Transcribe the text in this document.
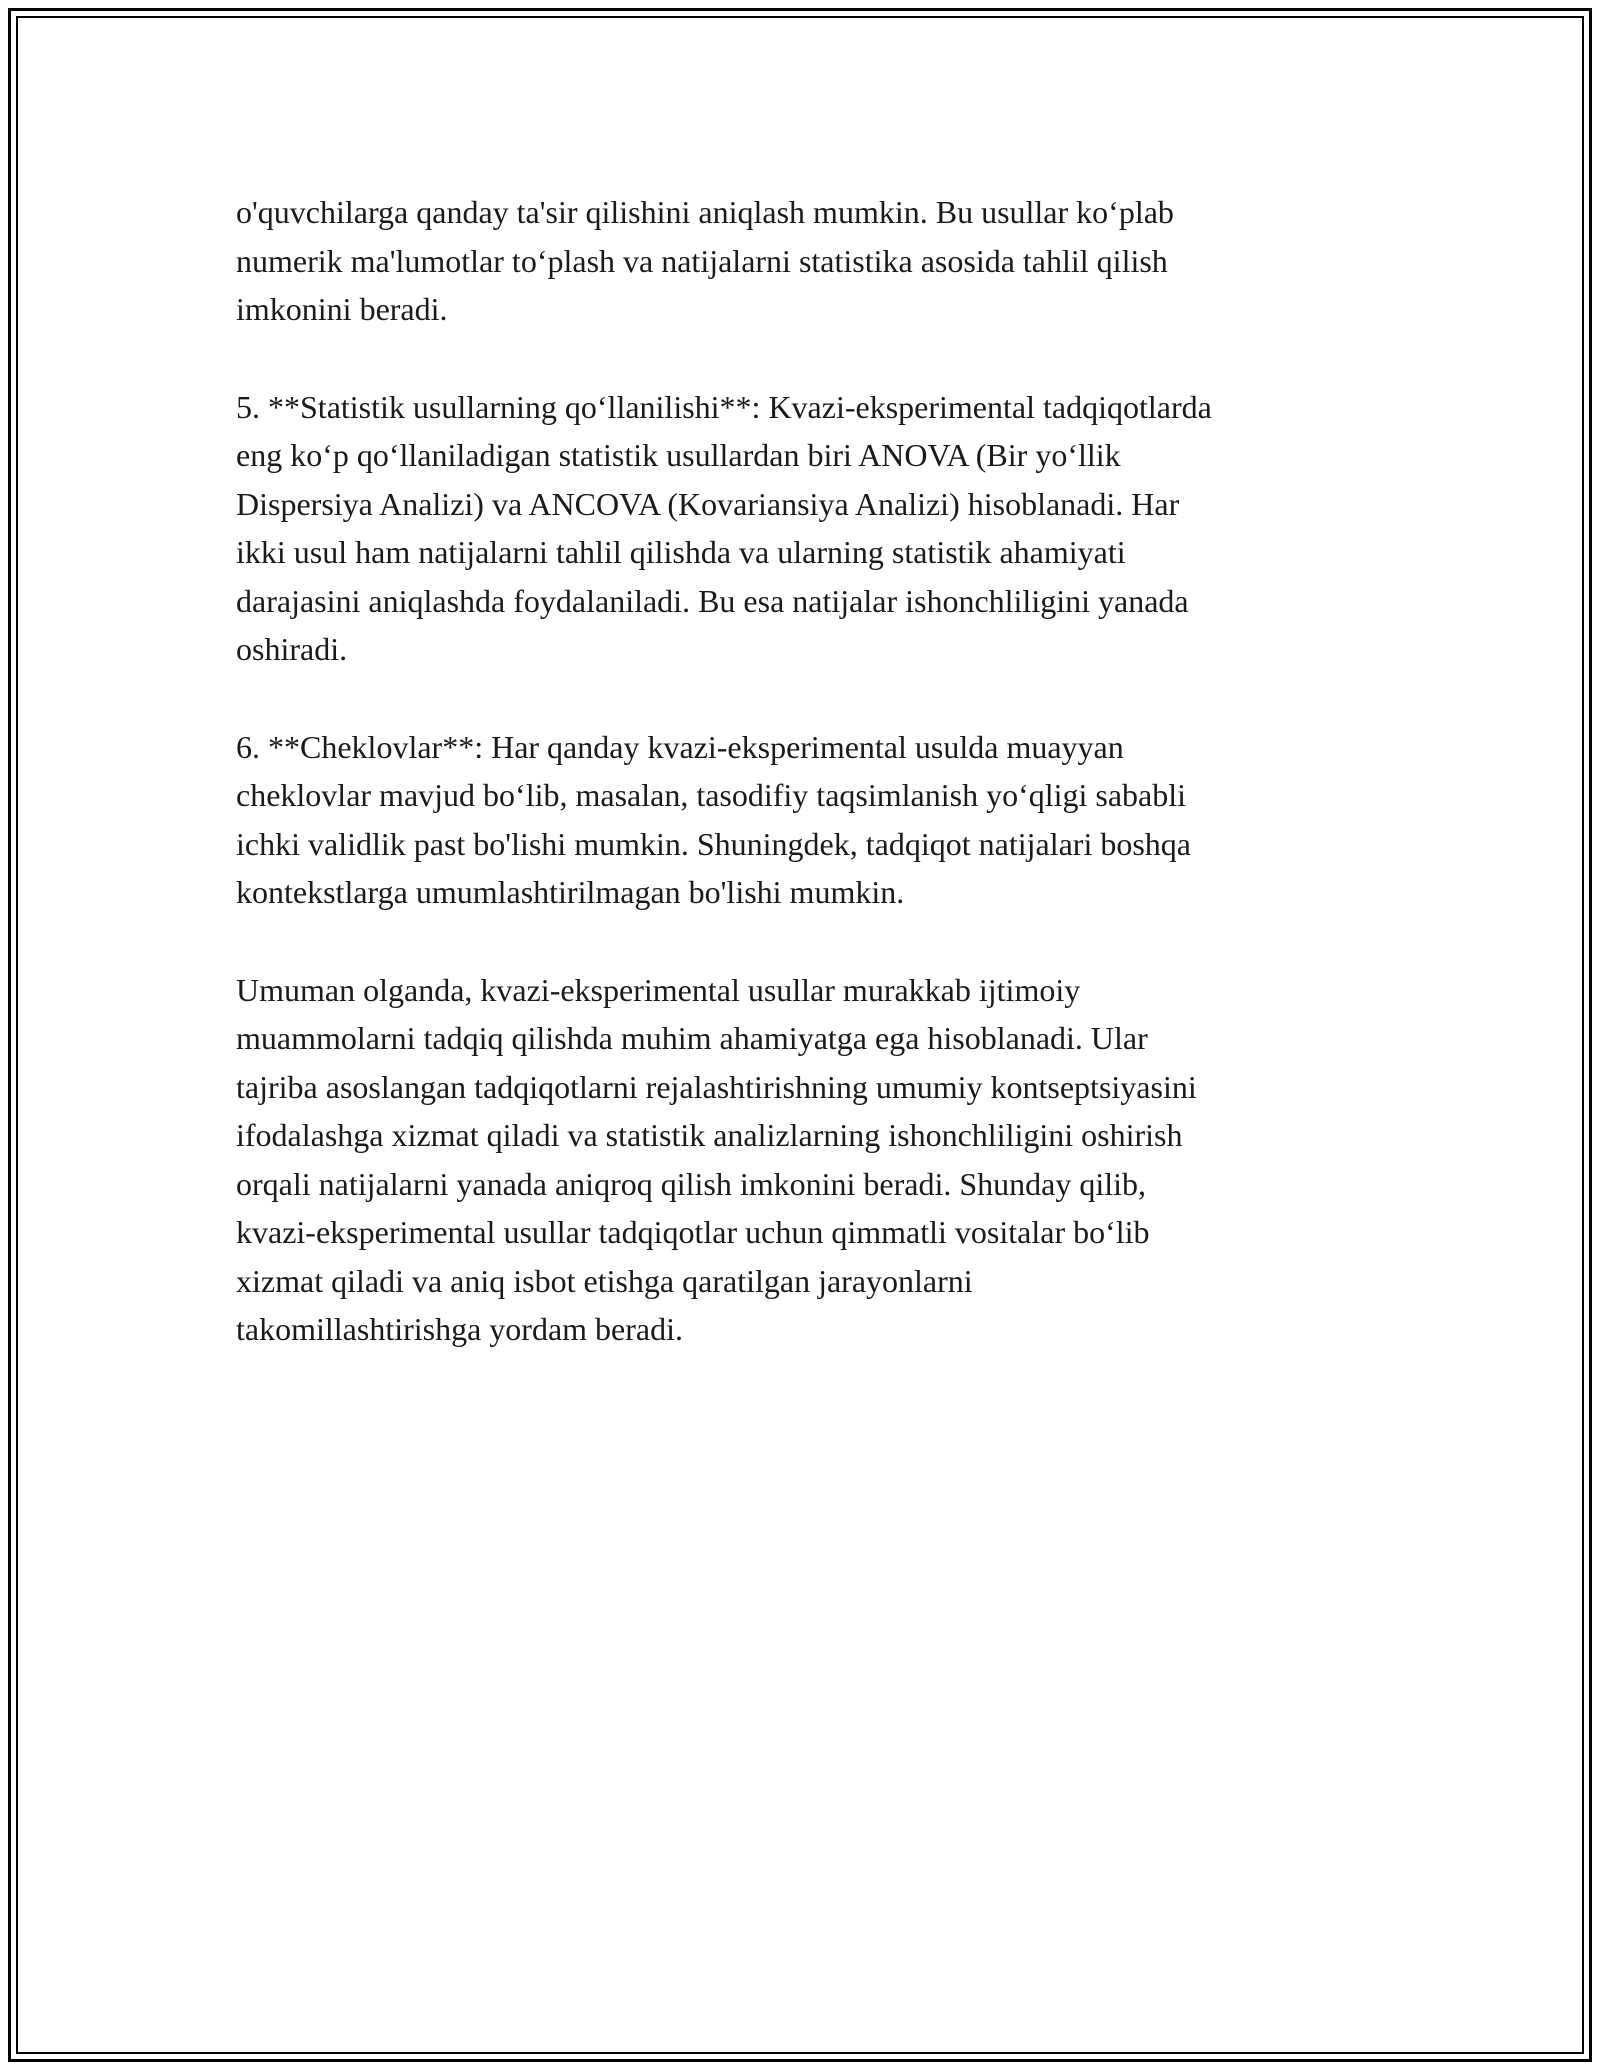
o'quvchilarga qanday ta'sir qilishini aniqlash mumkin. Bu usullar ko‘plab
numerik ma'lumotlar to‘plash va natijalarni statistika asosida tahlil qilish
imkonini beradi.

5. **Statistik usullarning qo‘llanilishi**: Kvazi-eksperimental tadqiqotlarda
eng ko‘p qo‘llaniladigan statistik usullardan biri ANOVA (Bir yo‘llik
Dispersiya Analizi) va ANCOVA (Kovariansiya Analizi) hisoblanadi. Har
ikki usul ham natijalarni tahlil qilishda va ularning statistik ahamiyati
darajasini aniqlashda foydalaniladi. Bu esa natijalar ishonchliligini yanada
oshiradi.

6. **Cheklovlar**: Har qanday kvazi-eksperimental usulda muayyan
cheklovlar mavjud bo‘lib, masalan, tasodifiy taqsimlanish yo‘qligi sababli
ichki validlik past bo'lishi mumkin. Shuningdek, tadqiqot natijalari boshqa
kontekstlarga umumlashtirilmagan bo'lishi mumkin.

Umuman olganda, kvazi-eksperimental usullar murakkab ijtimoiy
muammolarni tadqiq qilishda muhim ahamiyatga ega hisoblanadi. Ular
tajriba asoslangan tadqiqotlarni rejalashtirishning umumiy kontseptsiyasini
ifodalashga xizmat qiladi va statistik analizlarning ishonchliligini oshirish
orqali natijalarni yanada aniqroq qilish imkonini beradi. Shunday qilib,
kvazi-eksperimental usullar tadqiqotlar uchun qimmatli vositalar bo‘lib
xizmat qiladi va aniq isbot etishga qaratilgan jarayonlarni
takomillashtirishga yordam beradi.
